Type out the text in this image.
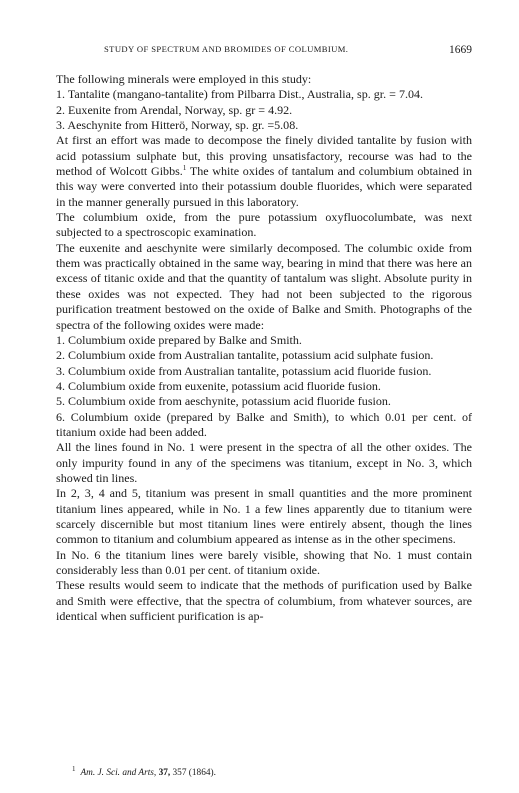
STUDY OF SPECTRUM AND BROMIDES OF COLUMBIUM.	1669

The following minerals were employed in this study:

1. Tantalite (mangano-tantalite) from Pilbarra Dist., Australia, sp. gr. = 7.04.

2. Euxenite from Arendal, Norway, sp. gr = 4.92.

3. Aeschynite from Hitterö, Norway, sp. gr. =5.08.

At first an effort was made to decompose the finely divided tantalite by fusion with acid potassium sulphate but, this proving unsatisfactory, recourse was had to the method of Wolcott Gibbs.$^1$ The white oxides of tantalum and columbium obtained in this way were converted into their potassium double fluorides, which were separated in the manner generally pursued in this laboratory.

The columbium oxide, from the pure potassium oxyfluocolumbate, was next subjected to a spectroscopic examination.

The euxenite and aeschynite were similarly decomposed. The columbic oxide from them was practically obtained in the same way, bearing in mind that there was here an excess of titanic oxide and that the quantity of tantalum was slight. Absolute purity in these oxides was not expected. They had not been subjected to the rigorous purification treatment bestowed on the oxide of Balke and Smith. Photographs of the spectra of the following oxides were made:

1. Columbium oxide prepared by Balke and Smith.

2. Columbium oxide from Australian tantalite, potassium acid sulphate fusion.

3. Columbium oxide from Australian tantalite, potassium acid fluoride fusion.

4. Columbium oxide from euxenite, potassium acid fluoride fusion.

5. Columbium oxide from aeschynite, potassium acid fluoride fusion.

6. Columbium oxide (prepared by Balke and Smith), to which 0.01 per cent. of titanium oxide had been added.

All the lines found in No. 1 were present in the spectra of all the other oxides. The only impurity found in any of the specimens was titanium, except in No. 3, which showed tin lines.

In 2, 3, 4 and 5, titanium was present in small quantities and the more prominent titanium lines appeared, while in No. 1 a few lines apparently due to titanium were scarcely discernible but most titanium lines were entirely absent, though the lines common to titanium and columbium appeared as intense as in the other specimens.

In No. 6 the titanium lines were barely visible, showing that No. 1 must contain considerably less than 0.01 per cent. of titanium oxide.

These results would seem to indicate that the methods of purification used by Balke and Smith were effective, that the spectra of columbium, from whatever sources, are identical when sufficient purification is ap-

$^1$ Am. J. Sci. and Arts, 37, 357 (1864).
